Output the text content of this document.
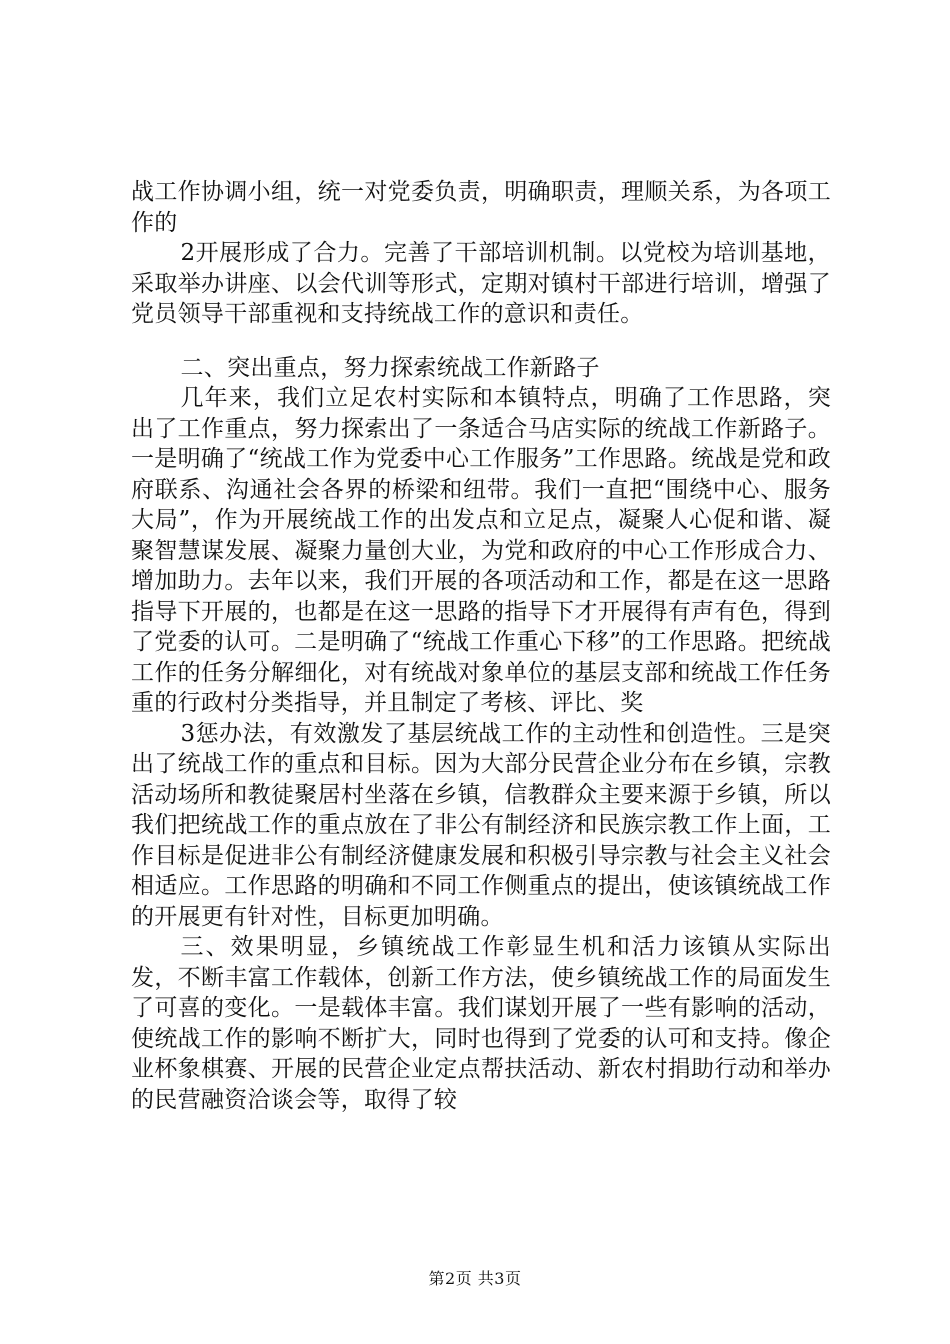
战工作协调小组，统一对党委负责，明确职责，理顺关系，为各项工作的

2开展形成了合力。完善了干部培训机制。以党校为培训基地，采取举办讲座、以会代训等形式，定期对镇村干部进行培训，增强了党员领导干部重视和支持统战工作的意识和责任。

二、突出重点，努力探索统战工作新路子

几年来，我们立足农村实际和本镇特点，明确了工作思路，突出了工作重点，努力探索出了一条适合马店实际的统战工作新路子。一是明确了“统战工作为党委中心工作服务”工作思路。统战是党和政府联系、沟通社会各界的桥梁和纽带。我们一直把“围绕中心、服务大局”，作为开展统战工作的出发点和立足点，凝聚人心促和谐、凝聚智慧谋发展、凝聚力量创大业，为党和政府的中心工作形成合力、增加助力。去年以来，我们开展的各项活动和工作，都是在这一思路指导下开展的，也都是在这一思路的指导下才开展得有声有色，得到了党委的认可。二是明确了“统战工作重心下移”的工作思路。把统战工作的任务分解细化，对有统战对象单位的基层支部和统战工作任务重的行政村分类指导，并且制定了考核、评比、奖

3惩办法，有效激发了基层统战工作的主动性和创造性。三是突出了统战工作的重点和目标。因为大部分民营企业分布在乡镇，宗教活动场所和教徒聚居村坐落在乡镇，信教群众主要来源于乡镇，所以我们把统战工作的重点放在了非公有制经济和民族宗教工作上面，工作目标是促进非公有制经济健康发展和积极引导宗教与社会主义社会相适应。工作思路的明确和不同工作侧重点的提出，使该镇统战工作的开展更有针对性，目标更加明确。

三、效果明显，乡镇统战工作彰显生机和活力该镇从实际出发，不断丰富工作载体，创新工作方法，使乡镇统战工作的局面发生了可喜的变化。一是载体丰富。我们谋划开展了一些有影响的活动，使统战工作的影响不断扩大，同时也得到了党委的认可和支持。像企业杯象棋赛、开展的民营企业定点帮扶活动、新农村捐助行动和举办的民营融资洽谈会等，取得了较

第2页 共3页
